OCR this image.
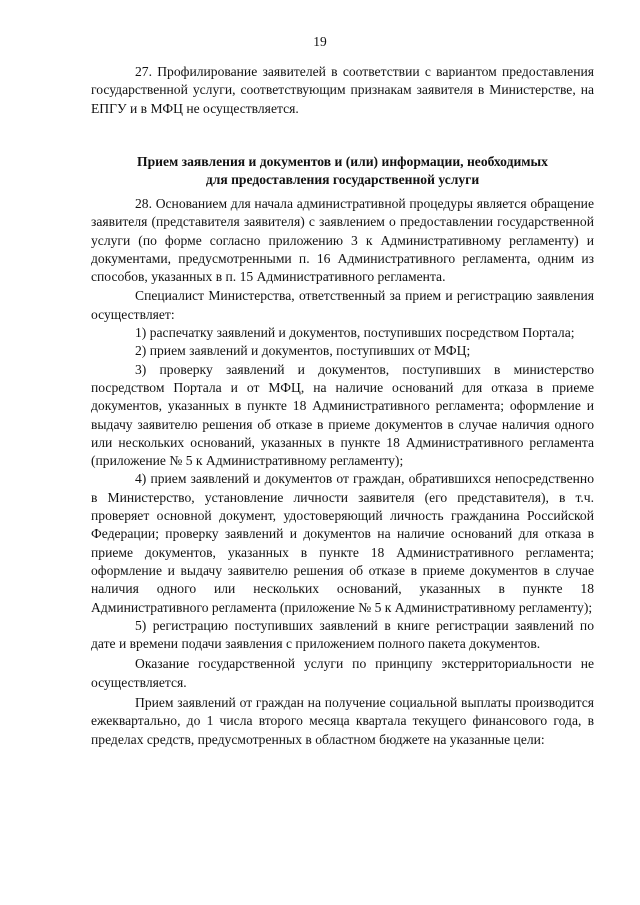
19

27. Профилирование заявителей в соответствии с вариантом предоставления государственной услуги, соответствующим признакам заявителя в Министерстве, на ЕПГУ и в МФЦ не осуществляется.

Прием заявления и документов и (или) информации, необходимых
для предоставления государственной услуги

28. Основанием для начала административной процедуры является обращение заявителя (представителя заявителя) с заявлением о предоставлении государственной услуги (по форме согласно приложению 3 к Административному регламенту) и документами, предусмотренными п. 16 Административного регламента, одним из способов, указанных в п. 15 Административного регламента.

Специалист Министерства, ответственный за прием и регистрацию заявления осуществляет:

1) распечатку заявлений и документов, поступивших посредством Портала;

2) прием заявлений и документов, поступивших от МФЦ;

3) проверку заявлений и документов, поступивших в министерство посредством Портала и от МФЦ, на наличие оснований для отказа в приеме документов, указанных в пункте 18 Административного регламента; оформление и выдачу заявителю решения об отказе в приеме документов в случае наличия одного или нескольких оснований, указанных в пункте 18 Административного регламента (приложение № 5 к Административному регламенту);

4) прием заявлений и документов от граждан, обратившихся непосредственно в Министерство, установление личности заявителя (его представителя), в т.ч. проверяет основной документ, удостоверяющий личность гражданина Российской Федерации; проверку заявлений и документов на наличие оснований для отказа в приеме документов, указанных в пункте 18 Административного регламента; оформление и выдачу заявителю решения об отказе в приеме документов в случае наличия одного или нескольких оснований, указанных в пункте 18 Административного регламента (приложение № 5 к Административному регламенту);

5) регистрацию поступивших заявлений в книге регистрации заявлений по дате и времени подачи заявления с приложением полного пакета документов.

Оказание государственной услуги по принципу экстерриториальности не осуществляется.

Прием заявлений от граждан на получение социальной выплаты производится ежеквартально, до 1 числа второго месяца квартала текущего финансового года, в пределах средств, предусмотренных в областном бюджете на указанные цели:
